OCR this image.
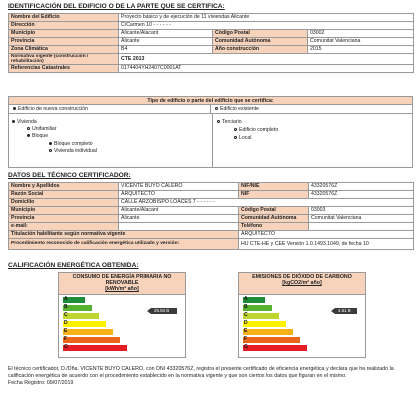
IDENTIFICACIÓN DEL EDIFICIO O DE LA PARTE QUE SE CERTIFICA:
Nombre del Edificio	Proyecto básico y de ejecución de 11 viviendas Alicante		
Dirección	C/Carmen 10 - - - - - -		
Municipio	Alicante/Alacant	Código Postal	03002
Provincia	Alicante	Comunidad Autónoma	Comunitat Valenciana
Zona Climática	B4	Año construcción	2015
Normativa vigente (construcción / rehabilitación)	CTE 2013		
Referencias Catastrales	0174404YH2407C0001AT		
Tipo de edificio o parte del edificio que se certifica:
Edificio de nueva construcción	Edificio existente
Vivienda
Unifamiliar
Bloque
Bloque completo
Vivienda individual
Terciario
Edificio completo
Local
DATOS DEL TÉCNICO CERTIFICADOR:
Nombre y Apellidos	VICENTE BUYO CALERO	NIF/NIE	43320576Z
Razón Social	ARQUITECTO	NIF	43320576Z
Domicilio	CALLE ARZOBISPO LOACES 7 - - - - - -		
Municipio	Alicante/Alacant	Código Postal	03003
Provincia	Alicante	Comunidad Autónoma	Comunitat Valenciana
e-mail:		Teléfono	
Titulación habilitante según normativa vigente		ARQUITECTO	
Procedimiento reconocido de calificación energética utilizado y versión:		HU CTE-HE y CEE Versión 1.0.1493.1049, de fecha 10	
CALIFICACIÓN ENERGÉTICA OBTENIDA:
CONSUMO DE ENERGÍA PRIMARIA NO RENOVABLE
[kWh/m² año]
A
B
C
D
E
F
G
25.93 B
EMISIONES DE DIÓXIDO DE CARBONO
[kgCO2/m² año]
A
B
C
D
E
F
G
4.61 B
El técnico certificador, D./Dña. VICENTE BUYO CALERO, con DNI 43320576Z, registra el presente certificado de eficiencia energética y declara que ha realizado la calificación energética de acuerdo con el procedimiento establecido en la normativa vigente y que son ciertos los datos que figuran en el mismo.
Fecha Registro: 09/07/2019
